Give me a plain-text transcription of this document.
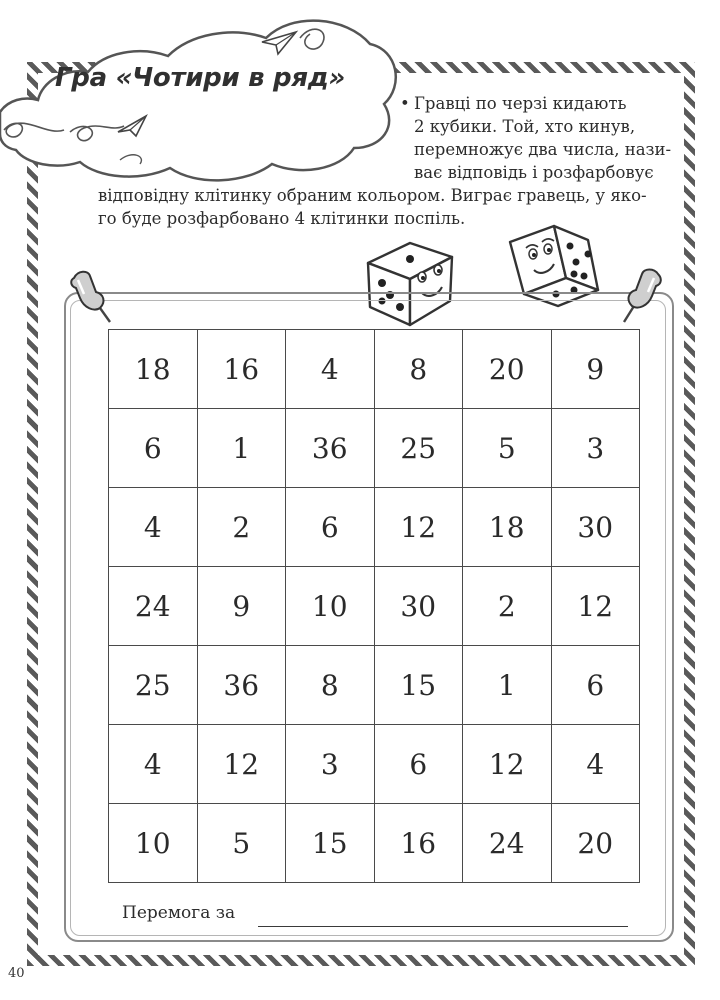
Гра «Чотири в ряд»
• Гравці по черзі кидають
2 кубики. Той, хто кинув,
перемножує два числа, нази-
ває відповідь і розфарбовує
відповідну клітинку обраним кольором. Виграє гравець, у яко-
го буде розфарбовано 4 клітинки поспіль.
18	16	4	8	20	9
6	1	36	25	5	3
4	2	6	12	18	30
24	9	10	30	2	12
25	36	8	15	1	6
4	12	3	6	12	4
10	5	15	16	24	20
Перемога за
40
